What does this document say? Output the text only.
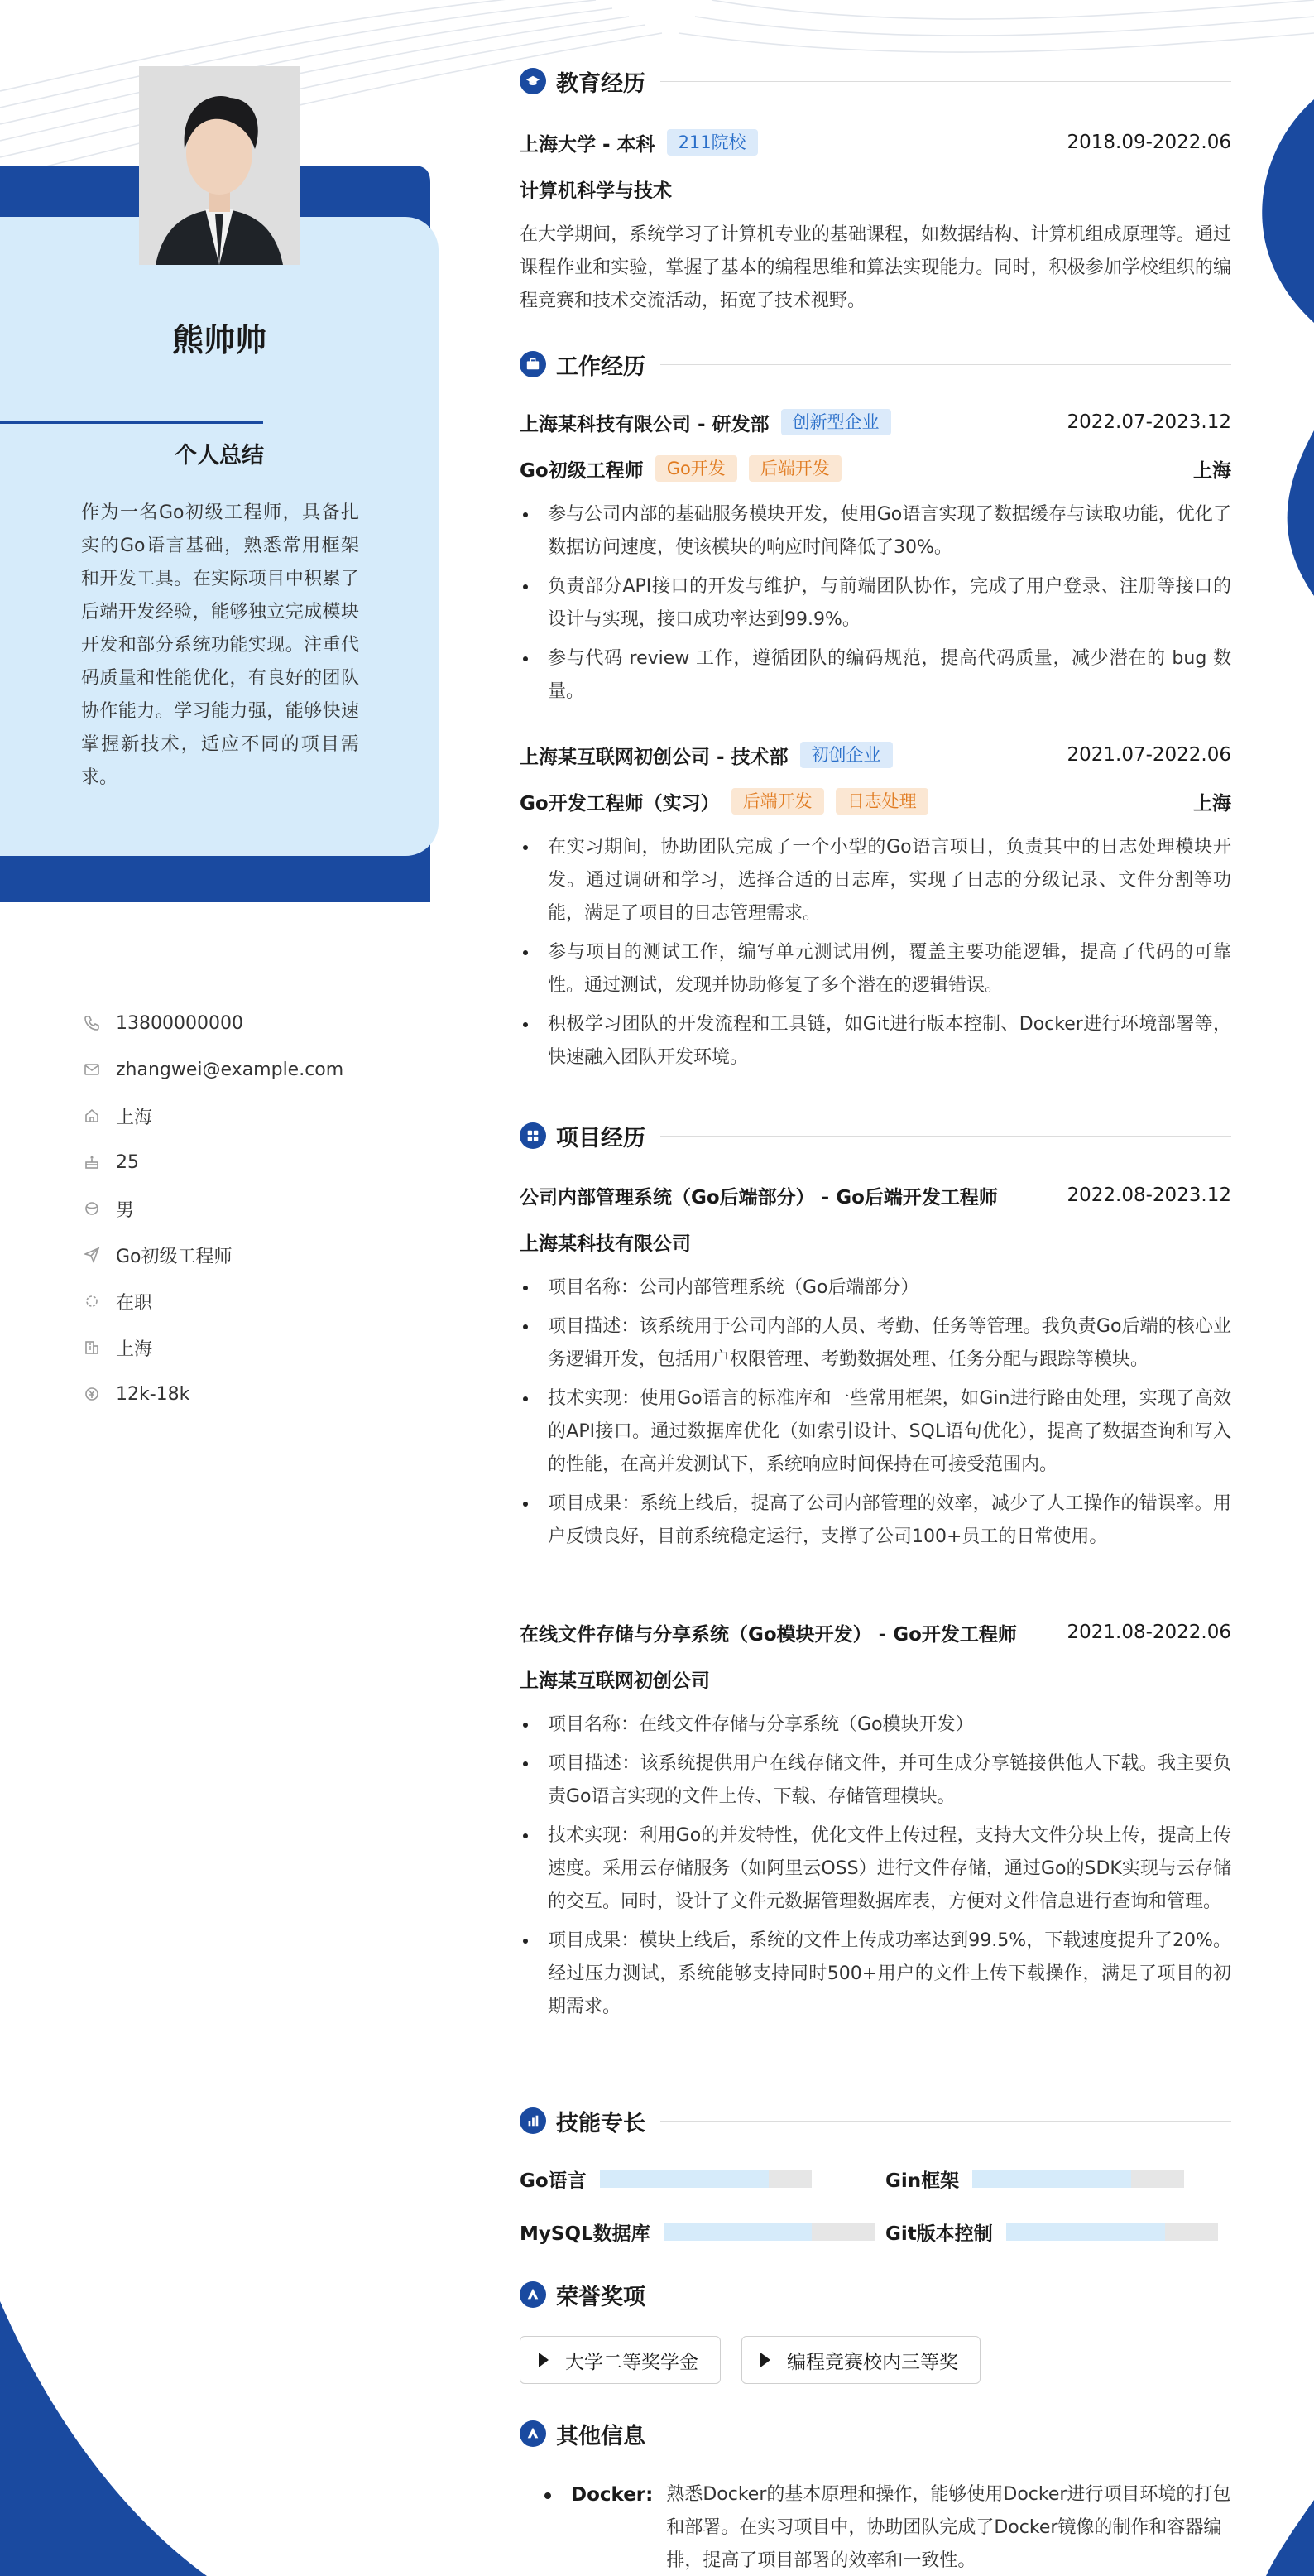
熊帅帅
个人总结
作为一名Go初级工程师，具备扎实的Go语言基础，熟悉常用框架和开发工具。在实际项目中积累了后端开发经验，能够独立完成模块开发和部分系统功能实现。注重代码质量和性能优化，有良好的团队协作能力。学习能力强，能够快速掌握新技术，适应不同的项目需求。
13800000000
zhangwei@example.com
上海
25
男
Go初级工程师
在职
上海
12k-18k
教育经历
上海大学 - 本科	211院校	2018.09-2022.06
计算机科学与技术
在大学期间，系统学习了计算机专业的基础课程，如数据结构、计算机组成原理等。通过课程作业和实验，掌握了基本的编程思维和算法实现能力。同时，积极参加学校组织的编程竞赛和技术交流活动，拓宽了技术视野。
工作经历
上海某科技有限公司 - 研发部	创新型企业	2022.07-2023.12
Go初级工程师	Go开发	后端开发	上海
参与公司内部的基础服务模块开发，使用Go语言实现了数据缓存与读取功能，优化了数据访问速度，使该模块的响应时间降低了30%。
负责部分API接口的开发与维护，与前端团队协作，完成了用户登录、注册等接口的设计与实现，接口成功率达到99.9%。
参与代码 review 工作，遵循团队的编码规范，提高代码质量，减少潜在的 bug 数量。
上海某互联网初创公司 - 技术部	初创企业	2021.07-2022.06
Go开发工程师（实习）	后端开发	日志处理	上海
在实习期间，协助团队完成了一个小型的Go语言项目，负责其中的日志处理模块开发。通过调研和学习，选择合适的日志库，实现了日志的分级记录、文件分割等功能，满足了项目的日志管理需求。
参与项目的测试工作，编写单元测试用例，覆盖主要功能逻辑，提高了代码的可靠性。通过测试，发现并协助修复了多个潜在的逻辑错误。
积极学习团队的开发流程和工具链，如Git进行版本控制、Docker进行环境部署等，快速融入团队开发环境。
项目经历
公司内部管理系统（Go后端部分） - Go后端开发工程师	2022.08-2023.12
上海某科技有限公司
项目名称：公司内部管理系统（Go后端部分）
项目描述：该系统用于公司内部的人员、考勤、任务等管理。我负责Go后端的核心业务逻辑开发，包括用户权限管理、考勤数据处理、任务分配与跟踪等模块。
技术实现：使用Go语言的标准库和一些常用框架，如Gin进行路由处理，实现了高效的API接口。通过数据库优化（如索引设计、SQL语句优化），提高了数据查询和写入的性能，在高并发测试下，系统响应时间保持在可接受范围内。
项目成果：系统上线后，提高了公司内部管理的效率，减少了人工操作的错误率。用户反馈良好，目前系统稳定运行，支撑了公司100+员工的日常使用。
在线文件存储与分享系统（Go模块开发） - Go开发工程师	2021.08-2022.06
上海某互联网初创公司
项目名称：在线文件存储与分享系统（Go模块开发）
项目描述：该系统提供用户在线存储文件，并可生成分享链接供他人下载。我主要负责Go语言实现的文件上传、下载、存储管理模块。
技术实现：利用Go的并发特性，优化文件上传过程，支持大文件分块上传，提高上传速度。采用云存储服务（如阿里云OSS）进行文件存储，通过Go的SDK实现与云存储的交互。同时，设计了文件元数据管理数据库表，方便对文件信息进行查询和管理。
项目成果：模块上线后，系统的文件上传成功率达到99.5%，下载速度提升了20%。经过压力测试，系统能够支持同时500+用户的文件上传下载操作，满足了项目的初期需求。
技能专长
Go语言	Gin框架
MySQL数据库	Git版本控制
荣誉奖项
大学二等奖学金	编程竞赛校内三等奖
其他信息
Docker: 熟悉Docker的基本原理和操作，能够使用Docker进行项目环境的打包和部署。在实习项目中，协助团队完成了Docker镜像的制作和容器编排，提高了项目部署的效率和一致性。
